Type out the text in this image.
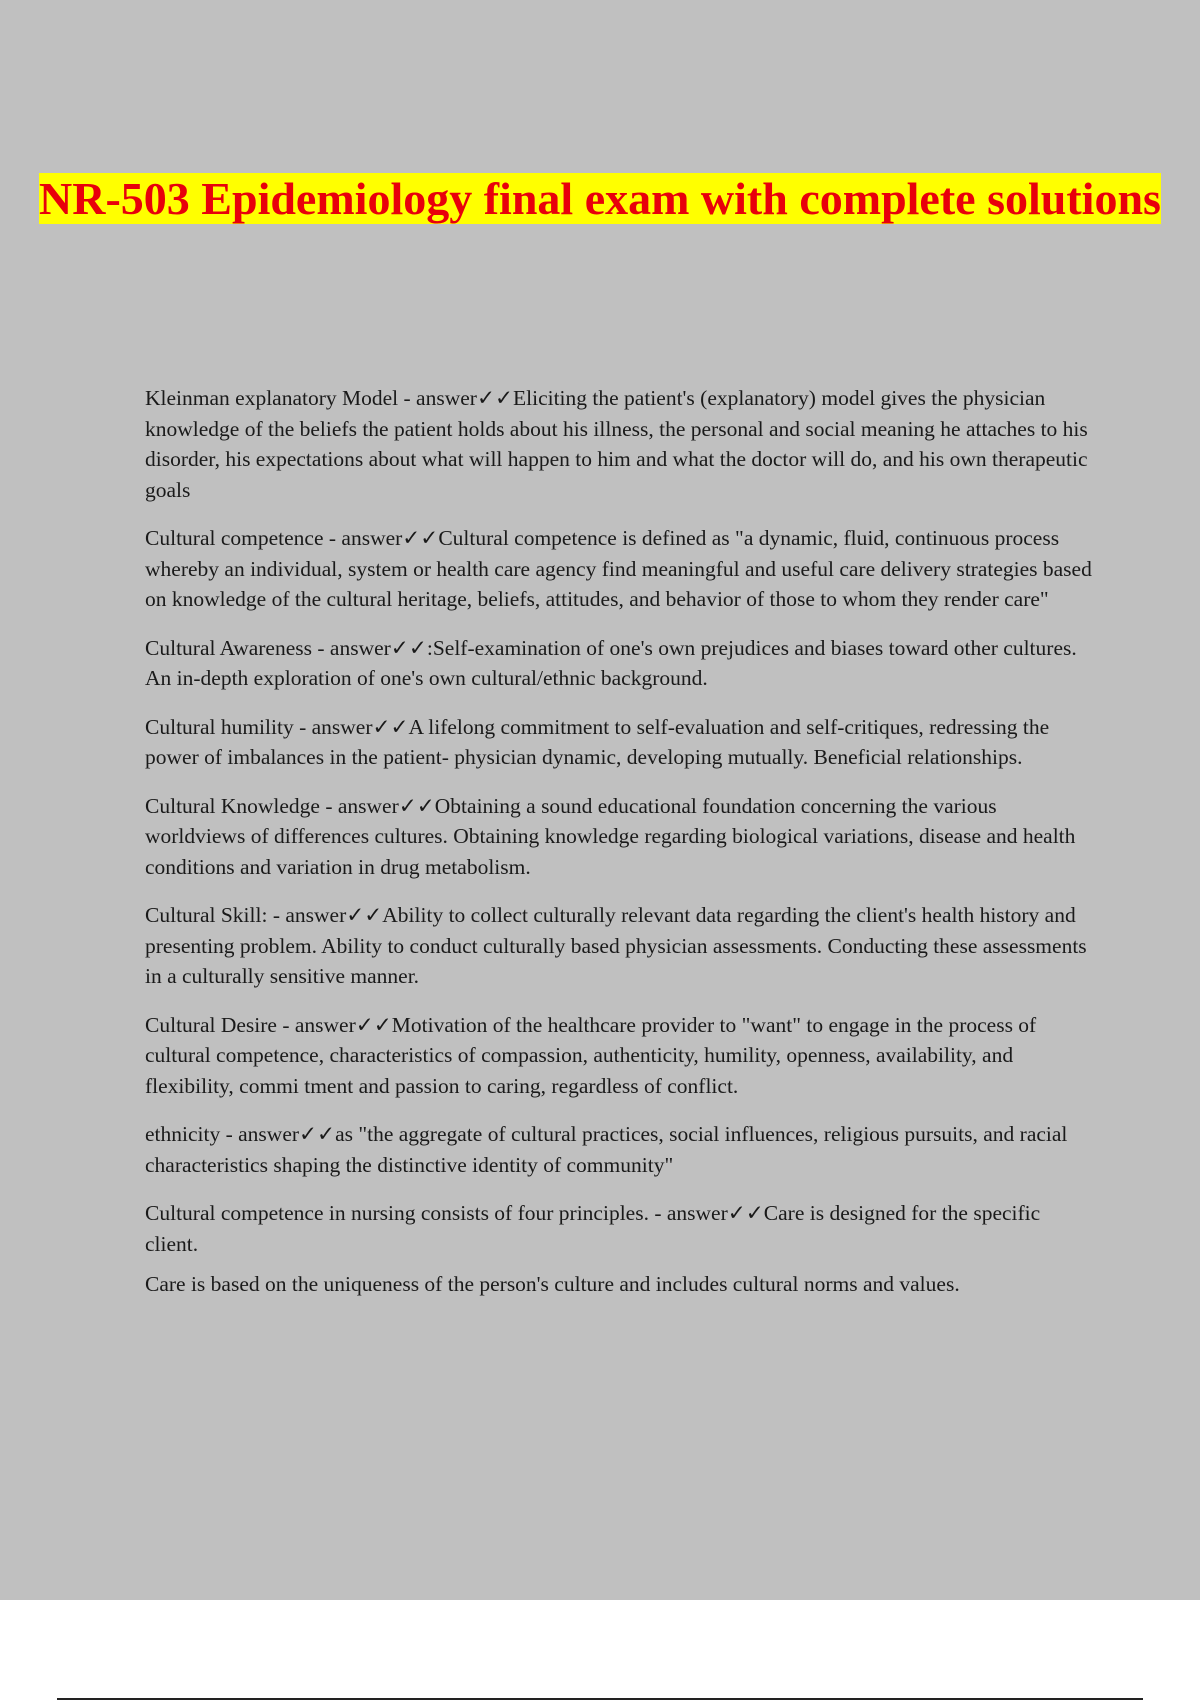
NR-503 Epidemiology final exam with complete solutions

Kleinman explanatory Model - answer✓✓Eliciting the patient's (explanatory) model gives the physician knowledge of the beliefs the patient holds about his illness, the personal and social meaning he attaches to his disorder, his expectations about what will happen to him and what the doctor will do, and his own therapeutic goals

Cultural competence - answer✓✓Cultural competence is defined as "a dynamic, fluid, continuous process whereby an individual, system or health care agency find meaningful and useful care delivery strategies based on knowledge of the cultural heritage, beliefs, attitudes, and behavior of those to whom they render care"

Cultural Awareness - answer✓✓:Self-examination of one's own prejudices and biases toward other cultures. An in-depth exploration of one's own cultural/ethnic background.

Cultural humility - answer✓✓A lifelong commitment to self-evaluation and self-critiques, redressing the power of imbalances in the patient- physician dynamic, developing mutually. Beneficial relationships.

Cultural Knowledge - answer✓✓Obtaining a sound educational foundation concerning the various worldviews of differences cultures. Obtaining knowledge regarding biological variations, disease and health conditions and variation in drug metabolism.

Cultural Skill: - answer✓✓Ability to collect culturally relevant data regarding the client's health history and presenting problem. Ability to conduct culturally based physician assessments. Conducting these assessments in a culturally sensitive manner.

Cultural Desire - answer✓✓Motivation of the healthcare provider to "want" to engage in the process of cultural competence, characteristics of compassion, authenticity, humility, openness, availability, and flexibility, commi tment and passion to caring, regardless of conflict.

ethnicity - answer✓✓as "the aggregate of cultural practices, social influences, religious pursuits, and racial characteristics shaping the distinctive identity of community"

Cultural competence in nursing consists of four principles. - answer✓✓Care is designed for the specific client.

Care is based on the uniqueness of the person's culture and includes cultural norms and values.
